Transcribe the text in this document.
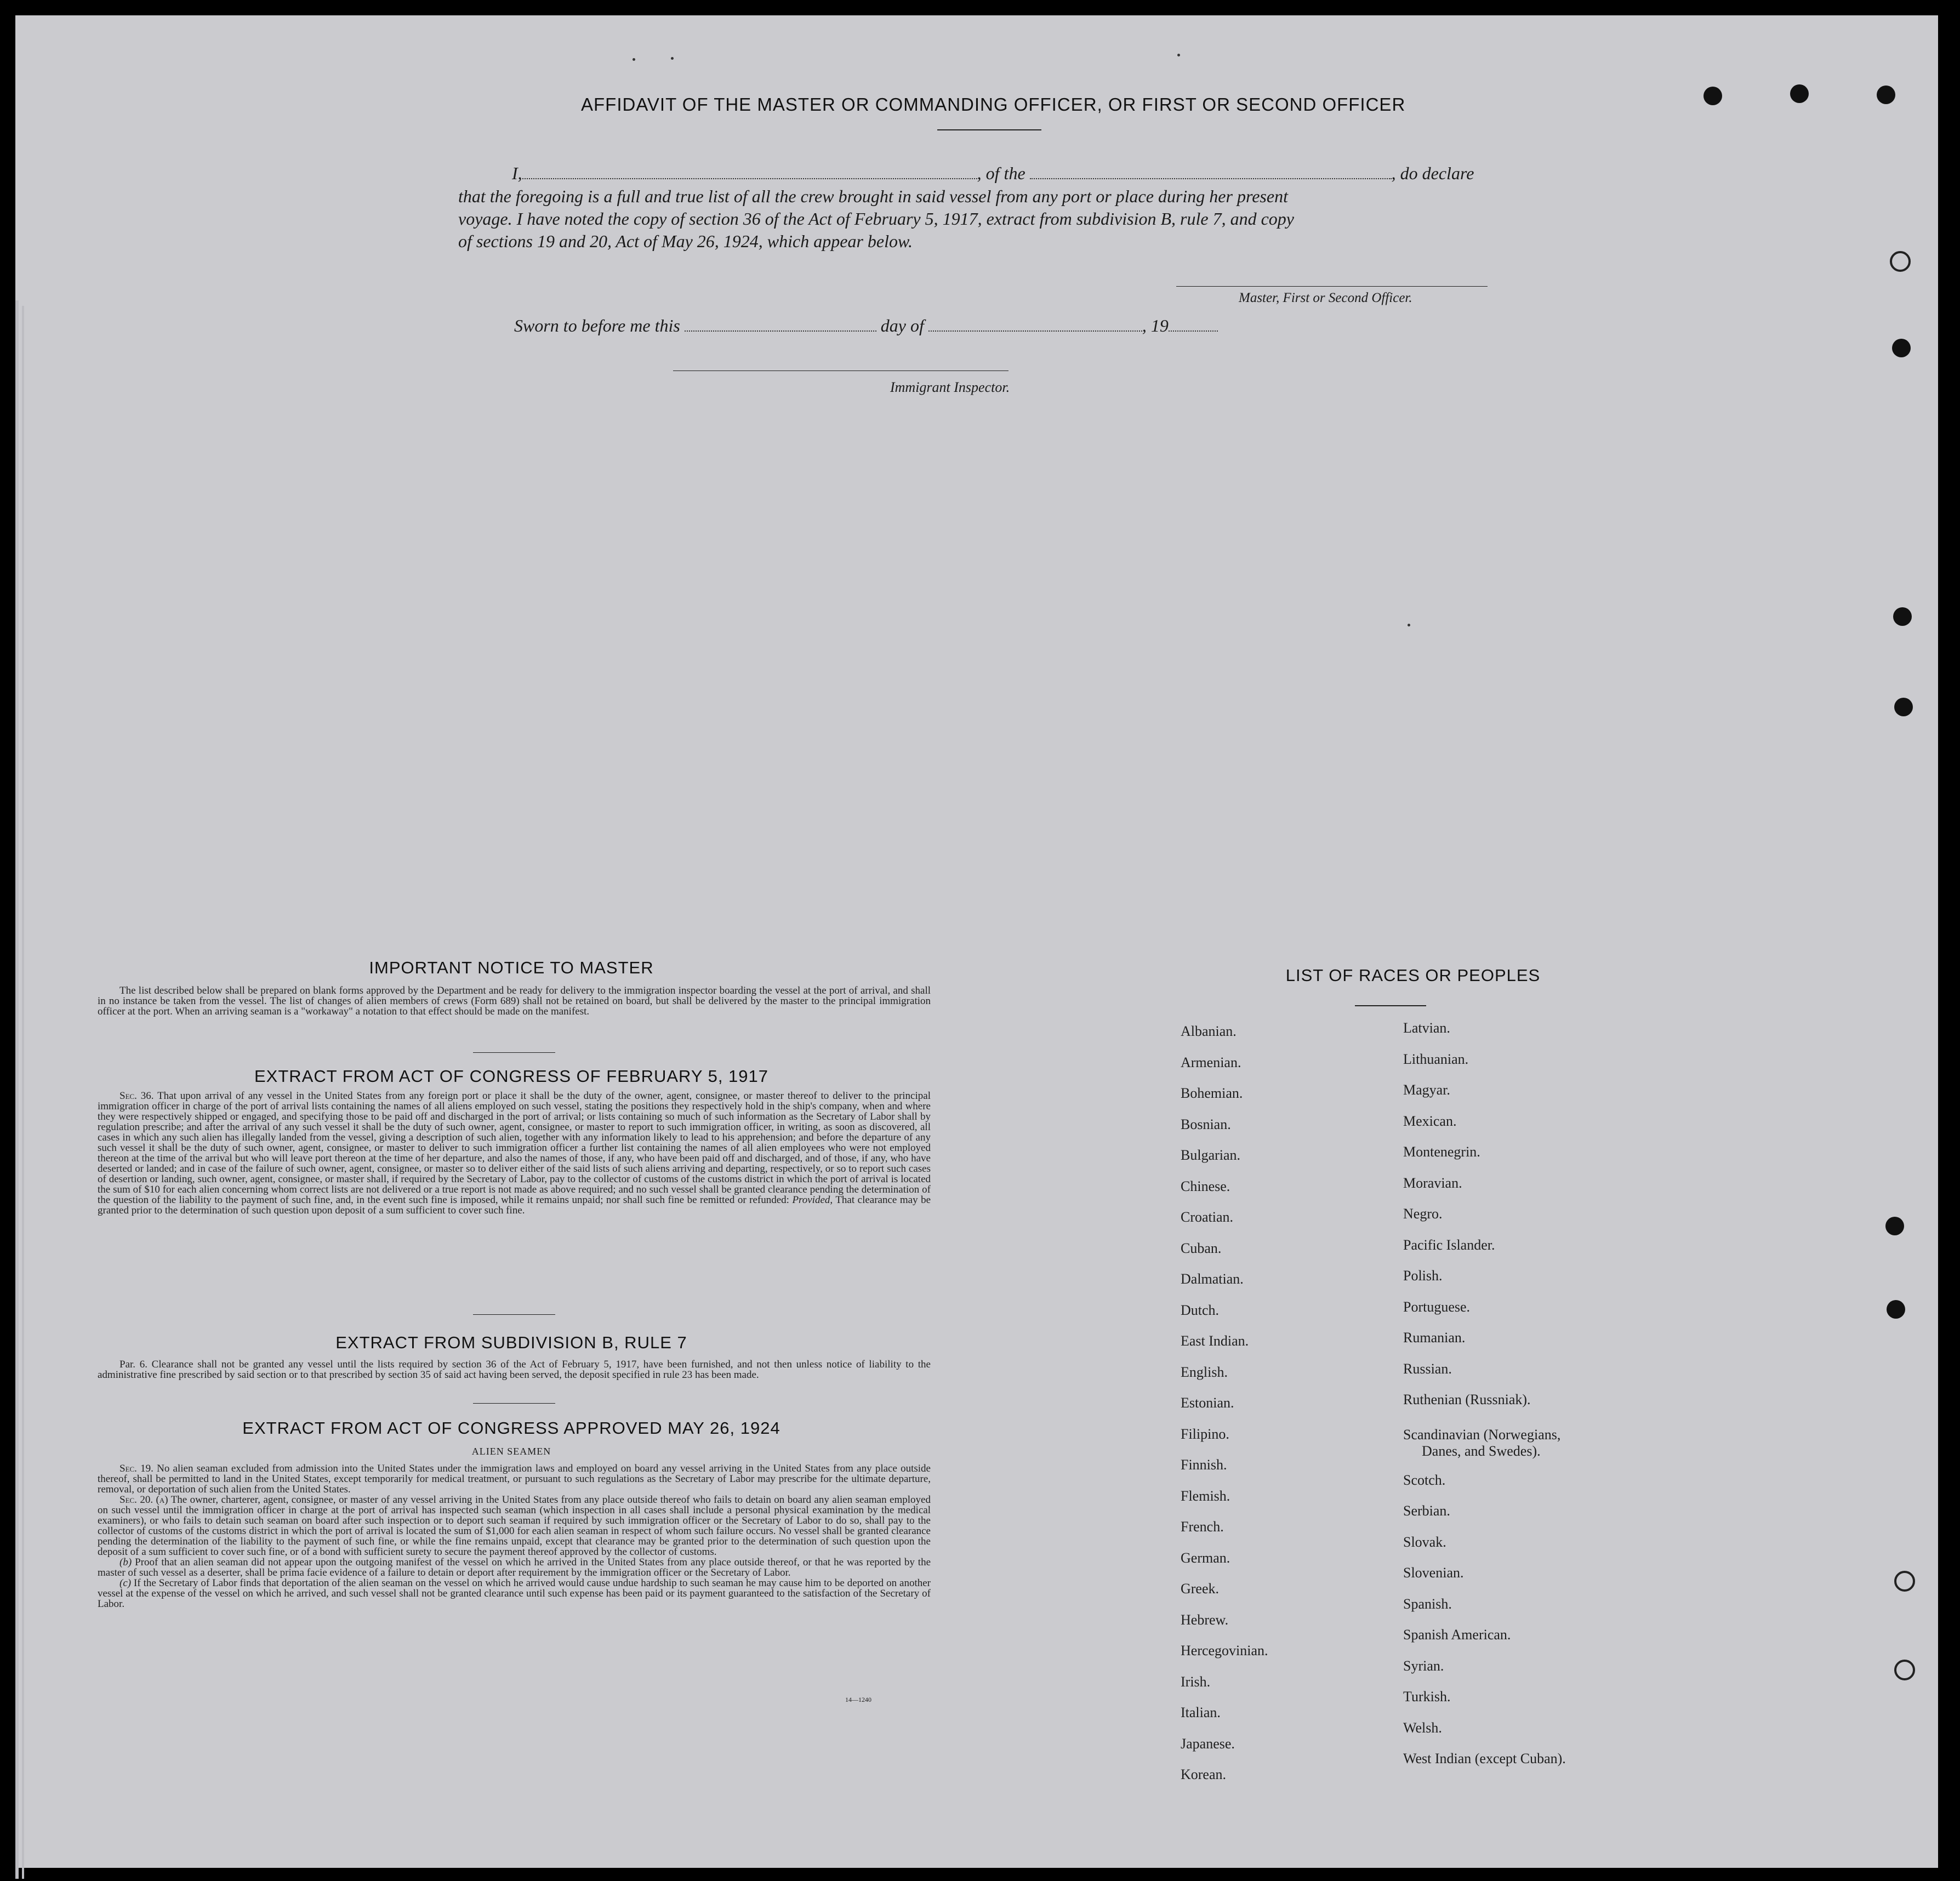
AFFIDAVIT OF THE MASTER OR COMMANDING OFFICER, OR FIRST OR SECOND OFFICER
I,	, of the	, do declare
that the foregoing is a full and true list of all the crew brought in said vessel from any port or place during her present
voyage. I have noted the copy of section 36 of the Act of February 5, 1917, extract from subdivision B, rule 7, and copy
of sections 19 and 20, Act of May 26, 1924, which appear below.
Master, First or Second Officer.
Sworn to before me this	day of	, 19
Immigrant Inspector.
IMPORTANT NOTICE TO MASTER

The list described below shall be prepared on blank forms approved by the Department and be ready for delivery to the immigration inspector boarding the vessel at the port of arrival, and shall in no instance be taken from the vessel. The list of changes of alien members of crews (Form 689) shall not be retained on board, but shall be delivered by the master to the principal immigration officer at the port. When an arriving seaman is a "workaway" a notation to that effect should be made on the manifest.

EXTRACT FROM ACT OF CONGRESS OF FEBRUARY 5, 1917

Sec. 36. That upon arrival of any vessel in the United States from any foreign port or place it shall be the duty of the owner, agent, consignee, or master thereof to deliver to the principal immigration officer in charge of the port of arrival lists containing the names of all aliens employed on such vessel, stating the positions they respectively hold in the ship's company, when and where they were respectively shipped or engaged, and specifying those to be paid off and discharged in the port of arrival; or lists containing so much of such information as the Secretary of Labor shall by regulation prescribe; and after the arrival of any such vessel it shall be the duty of such owner, agent, consignee, or master to report to such immigration officer, in writing, as soon as discovered, all cases in which any such alien has illegally landed from the vessel, giving a description of such alien, together with any information likely to lead to his apprehension; and before the departure of any such vessel it shall be the duty of such owner, agent, consignee, or master to deliver to such immigration officer a further list containing the names of all alien employees who were not employed thereon at the time of the arrival but who will leave port thereon at the time of her departure, and also the names of those, if any, who have been paid off and discharged, and of those, if any, who have deserted or landed; and in case of the failure of such owner, agent, consignee, or master so to deliver either of the said lists of such aliens arriving and departing, respectively, or so to report such cases of desertion or landing, such owner, agent, consignee, or master shall, if required by the Secretary of Labor, pay to the collector of customs of the customs district in which the port of arrival is located the sum of $10 for each alien concerning whom correct lists are not delivered or a true report is not made as above required; and no such vessel shall be granted clearance pending the determination of the question of the liability to the payment of such fine, and, in the event such fine is imposed, while it remains unpaid; nor shall such fine be remitted or refunded: Provided, That clearance may be granted prior to the determination of such question upon deposit of a sum sufficient to cover such fine.

EXTRACT FROM SUBDIVISION B, RULE 7

Par. 6. Clearance shall not be granted any vessel until the lists required by section 36 of the Act of February 5, 1917, have been furnished, and not then unless notice of liability to the administrative fine prescribed by said section or to that prescribed by section 35 of said act having been served, the deposit specified in rule 23 has been made.

EXTRACT FROM ACT OF CONGRESS APPROVED MAY 26, 1924
ALIEN SEAMEN

Sec. 19. No alien seaman excluded from admission into the United States under the immigration laws and employed on board any vessel arriving in the United States from any place outside thereof, shall be permitted to land in the United States, except temporarily for medical treatment, or pursuant to such regulations as the Secretary of Labor may prescribe for the ultimate departure, removal, or deportation of such alien from the United States.

Sec. 20. (a) The owner, charterer, agent, consignee, or master of any vessel arriving in the United States from any place outside thereof who fails to detain on board any alien seaman employed on such vessel until the immigration officer in charge at the port of arrival has inspected such seaman (which inspection in all cases shall include a personal physical examination by the medical examiners), or who fails to detain such seaman on board after such inspection or to deport such seaman if required by such immigration officer or the Secretary of Labor to do so, shall pay to the collector of customs of the customs district in which the port of arrival is located the sum of $1,000 for each alien seaman in respect of whom such failure occurs. No vessel shall be granted clearance pending the determination of the liability to the payment of such fine, or while the fine remains unpaid, except that clearance may be granted prior to the determination of such question upon the deposit of a sum sufficient to cover such fine, or of a bond with sufficient surety to secure the payment thereof approved by the collector of customs.

(b) Proof that an alien seaman did not appear upon the outgoing manifest of the vessel on which he arrived in the United States from any place outside thereof, or that he was reported by the master of such vessel as a deserter, shall be prima facie evidence of a failure to detain or deport after requirement by the immigration officer or the Secretary of Labor.

(c) If the Secretary of Labor finds that deportation of the alien seaman on the vessel on which he arrived would cause undue hardship to such seaman he may cause him to be deported on another vessel at the expense of the vessel on which he arrived, and such vessel shall not be granted clearance until such expense has been paid or its payment guaranteed to the satisfaction of the Secretary of Labor.

14—1240
LIST OF RACES OR PEOPLES
Albanian.
Armenian.
Bohemian.
Bosnian.
Bulgarian.
Chinese.
Croatian.
Cuban.
Dalmatian.
Dutch.
East Indian.
English.
Estonian.
Filipino.
Finnish.
Flemish.
French.
German.
Greek.
Hebrew.
Hercegovinian.
Irish.
Italian.
Japanese.
Korean.
Latvian.
Lithuanian.
Magyar.
Mexican.
Montenegrin.
Moravian.
Negro.
Pacific Islander.
Polish.
Portuguese.
Rumanian.
Russian.
Ruthenian (Russniak).
Scandinavian (Norwegians,
Danes, and Swedes).
Scotch.
Serbian.
Slovak.
Slovenian.
Spanish.
Spanish American.
Syrian.
Turkish.
Welsh.
West Indian (except Cuban).
